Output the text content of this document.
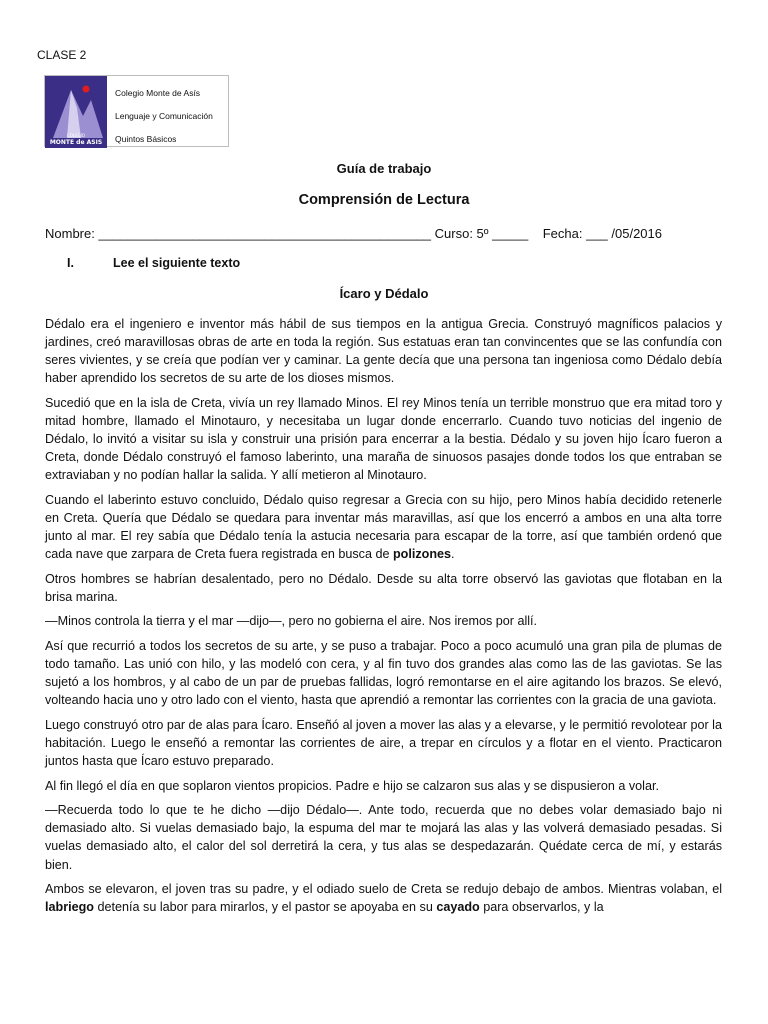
CLASE 2
COLEGIO
MONTE de ASIS
Colegio Monte de Asís
Lenguaje y Comunicación
Quintos Básicos
Guía de trabajo
Comprensión de Lectura
Nombre: ______________________________________________ Curso: 5º _____    Fecha: ___ /05/2016
I.	Lee el siguiente texto
Ícaro y Dédalo

Dédalo era el ingeniero e inventor más hábil de sus tiempos en la antigua Grecia. Construyó magníficos palacios y jardines, creó maravillosas obras de arte en toda la región. Sus estatuas eran tan convincentes que se las confundía con seres vivientes, y se creía que podían ver y caminar. La gente decía que una persona tan ingeniosa como Dédalo debía haber aprendido los secretos de su arte de los dioses mismos.

Sucedió que en la isla de Creta, vivía un rey llamado Minos. El rey Minos tenía un terrible monstruo que era mitad toro y mitad hombre, llamado el Minotauro, y necesitaba un lugar donde encerrarlo. Cuando tuvo noticias del ingenio de Dédalo, lo invitó a visitar su isla y construir una prisión para encerrar a la bestia. Dédalo y su joven hijo Ícaro fueron a Creta, donde Dédalo construyó el famoso laberinto, una maraña de sinuosos pasajes donde todos los que entraban se extraviaban y no podían hallar la salida. Y allí metieron al Minotauro.

Cuando el laberinto estuvo concluido, Dédalo quiso regresar a Grecia con su hijo, pero Minos había decidido retenerle en Creta. Quería que Dédalo se quedara para inventar más maravillas, así que los encerró a ambos en una alta torre junto al mar. El rey sabía que Dédalo tenía la astucia necesaria para escapar de la torre, así que también ordenó que cada nave que zarpara de Creta fuera registrada en busca de polizones.

Otros hombres se habrían desalentado, pero no Dédalo. Desde su alta torre observó las gaviotas que flotaban en la brisa marina.

—Minos controla la tierra y el mar —dijo—, pero no gobierna el aire. Nos iremos por allí.

Así que recurrió a todos los secretos de su arte, y se puso a trabajar. Poco a poco acumuló una gran pila de plumas de todo tamaño. Las unió con hilo, y las modeló con cera, y al fin tuvo dos grandes alas como las de las gaviotas. Se las sujetó a los hombros, y al cabo de un par de pruebas fallidas, logró remontarse en el aire agitando los brazos. Se elevó, volteando hacia uno y otro lado con el viento, hasta que aprendió a remontar las corrientes con la gracia de una gaviota.

Luego construyó otro par de alas para Ícaro. Enseñó al joven a mover las alas y a elevarse, y le permitió revolotear por la habitación. Luego le enseñó a remontar las corrientes de aire, a trepar en círculos y a flotar en el viento. Practicaron juntos hasta que Ícaro estuvo preparado.

Al fin llegó el día en que soplaron vientos propicios. Padre e hijo se calzaron sus alas y se dispusieron a volar.

—Recuerda todo lo que te he dicho —dijo Dédalo—. Ante todo, recuerda que no debes volar demasiado bajo ni demasiado alto. Si vuelas demasiado bajo, la espuma del mar te mojará las alas y las volverá demasiado pesadas. Si vuelas demasiado alto, el calor del sol derretirá la cera, y tus alas se despedazarán. Quédate cerca de mí, y estarás bien.

Ambos se elevaron, el joven tras su padre, y el odiado suelo de Creta se redujo debajo de ambos. Mientras volaban, el labriego detenía su labor para mirarlos, y el pastor se apoyaba en su cayado para observarlos, y la
